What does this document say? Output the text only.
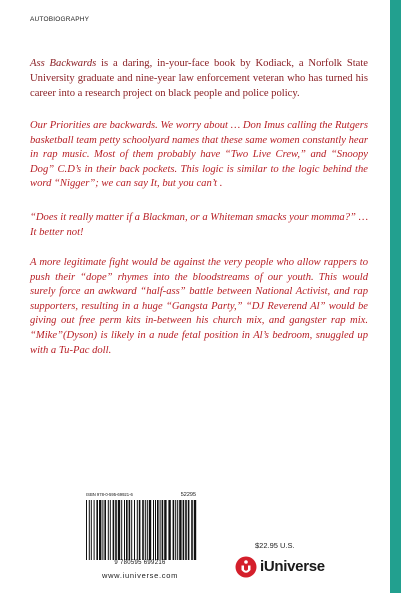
AUTOBIOGRAPHY

Ass Backwards is a daring, in-your-face book by Kodiack, a Norfolk State University graduate and nine-year law enforcement veteran who has turned his career into a research project on black people and police policy.

Our Priorities are backwards. We worry about … Don Imus calling the Rutgers basketball team petty schoolyard names that these same women constantly hear in rap music. Most of them probably have “Two Live Crew,” and “Snoopy Dog” C.D’s in their back pockets. This logic is similar to the logic behind the word “Nigger”; we can say It, but you can’t .

“Does it really matter if a Blackman, or a Whiteman smacks your momma?” … It better not!

A more legitimate fight would be against the very people who allow rappers to push their “dope” rhymes into the bloodstreams of our youth. This would surely force an awkward “half-ass” battle between National Activist, and rap supporters, resulting in a huge “Gangsta Party,” “DJ Reverend Al” would be giving out free perm kits in-between his church mix, and gangster rap mix. “Mike”(Dyson) is likely in a nude fetal position in Al’s bedroom, snuggled up with a Tu-Pac doll.

ISBN 978-0-595-69921-6	52295
9 780595 699216
www.iuniverse.com
$22.95 U.S.
iUniverse
